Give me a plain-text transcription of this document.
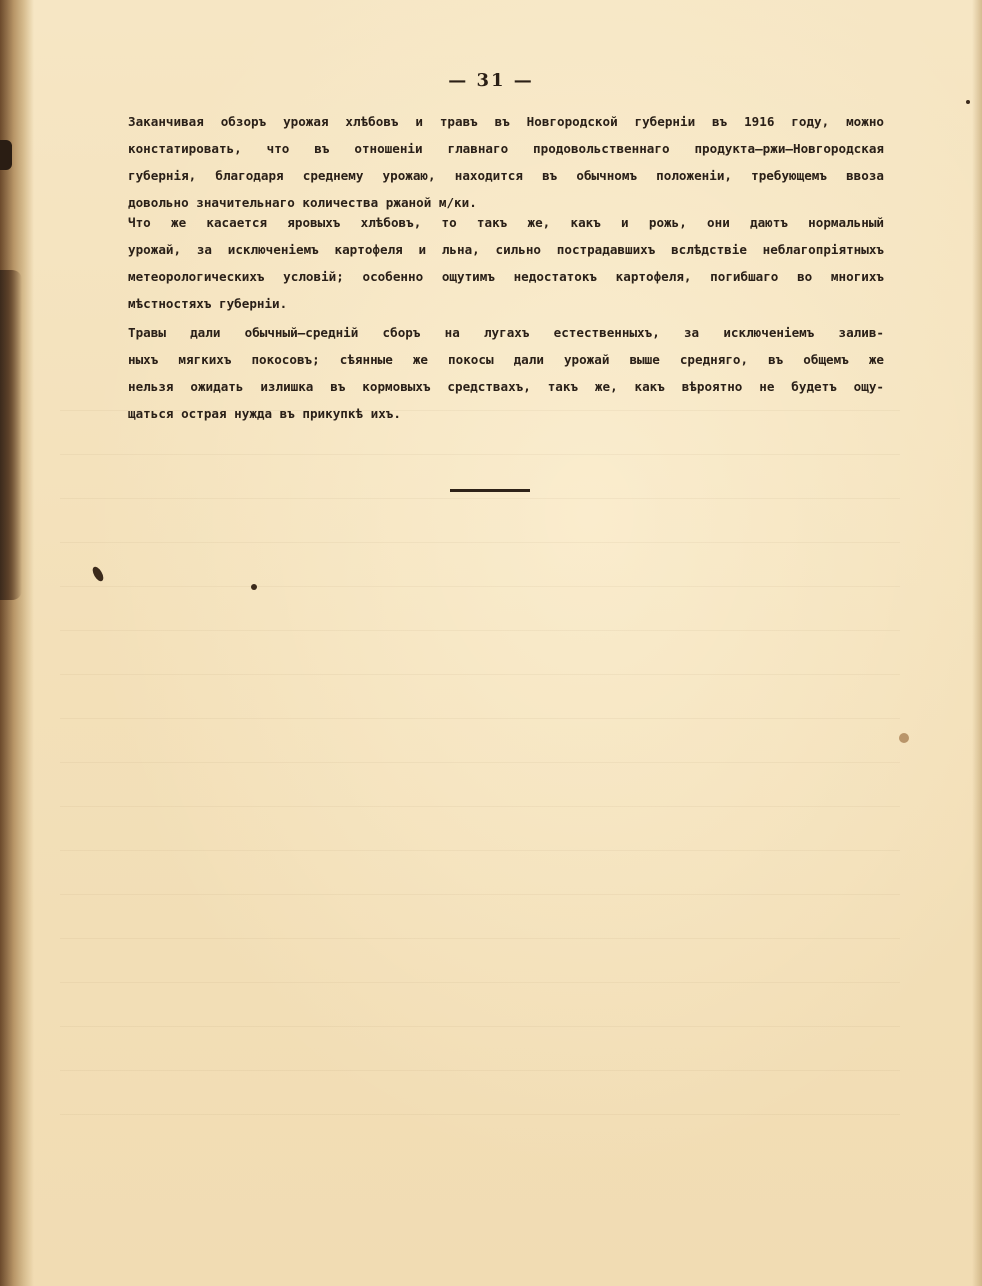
— 31 —
Заканчивая обзоръ урожая хлѣбовъ и травъ въ Новгородской губерніи въ 1916 году, можно
констатировать, что въ отношеніи главнаго продовольственнаго продукта—ржи—Новгородская
губернія, благодаря среднему урожаю, находится въ обычномъ положеніи, требующемъ ввоза
довольно значительнаго количества ржаной м/ки.
Что же касается яровыхъ хлѣбовъ, то такъ же, какъ и рожь, они даютъ нормальный
урожай, за исключеніемъ картофеля и льна, сильно пострадавшихъ вслѣдствіе неблагопріятныхъ
метеорологическихъ условій; особенно ощутимъ недостатокъ картофеля, погибшаго во многихъ
мѣстностяхъ губерніи.
Травы дали обычный—средній сборъ на лугахъ естественныхъ, за исключеніемъ залив-
ныхъ мягкихъ покосовъ; сѣянные же покосы дали урожай выше средняго, въ общемъ же
нельзя ожидать излишка въ кормовыхъ средствахъ, такъ же, какъ вѣроятно не будетъ ощу-
щаться острая нужда въ прикупкѣ ихъ.
